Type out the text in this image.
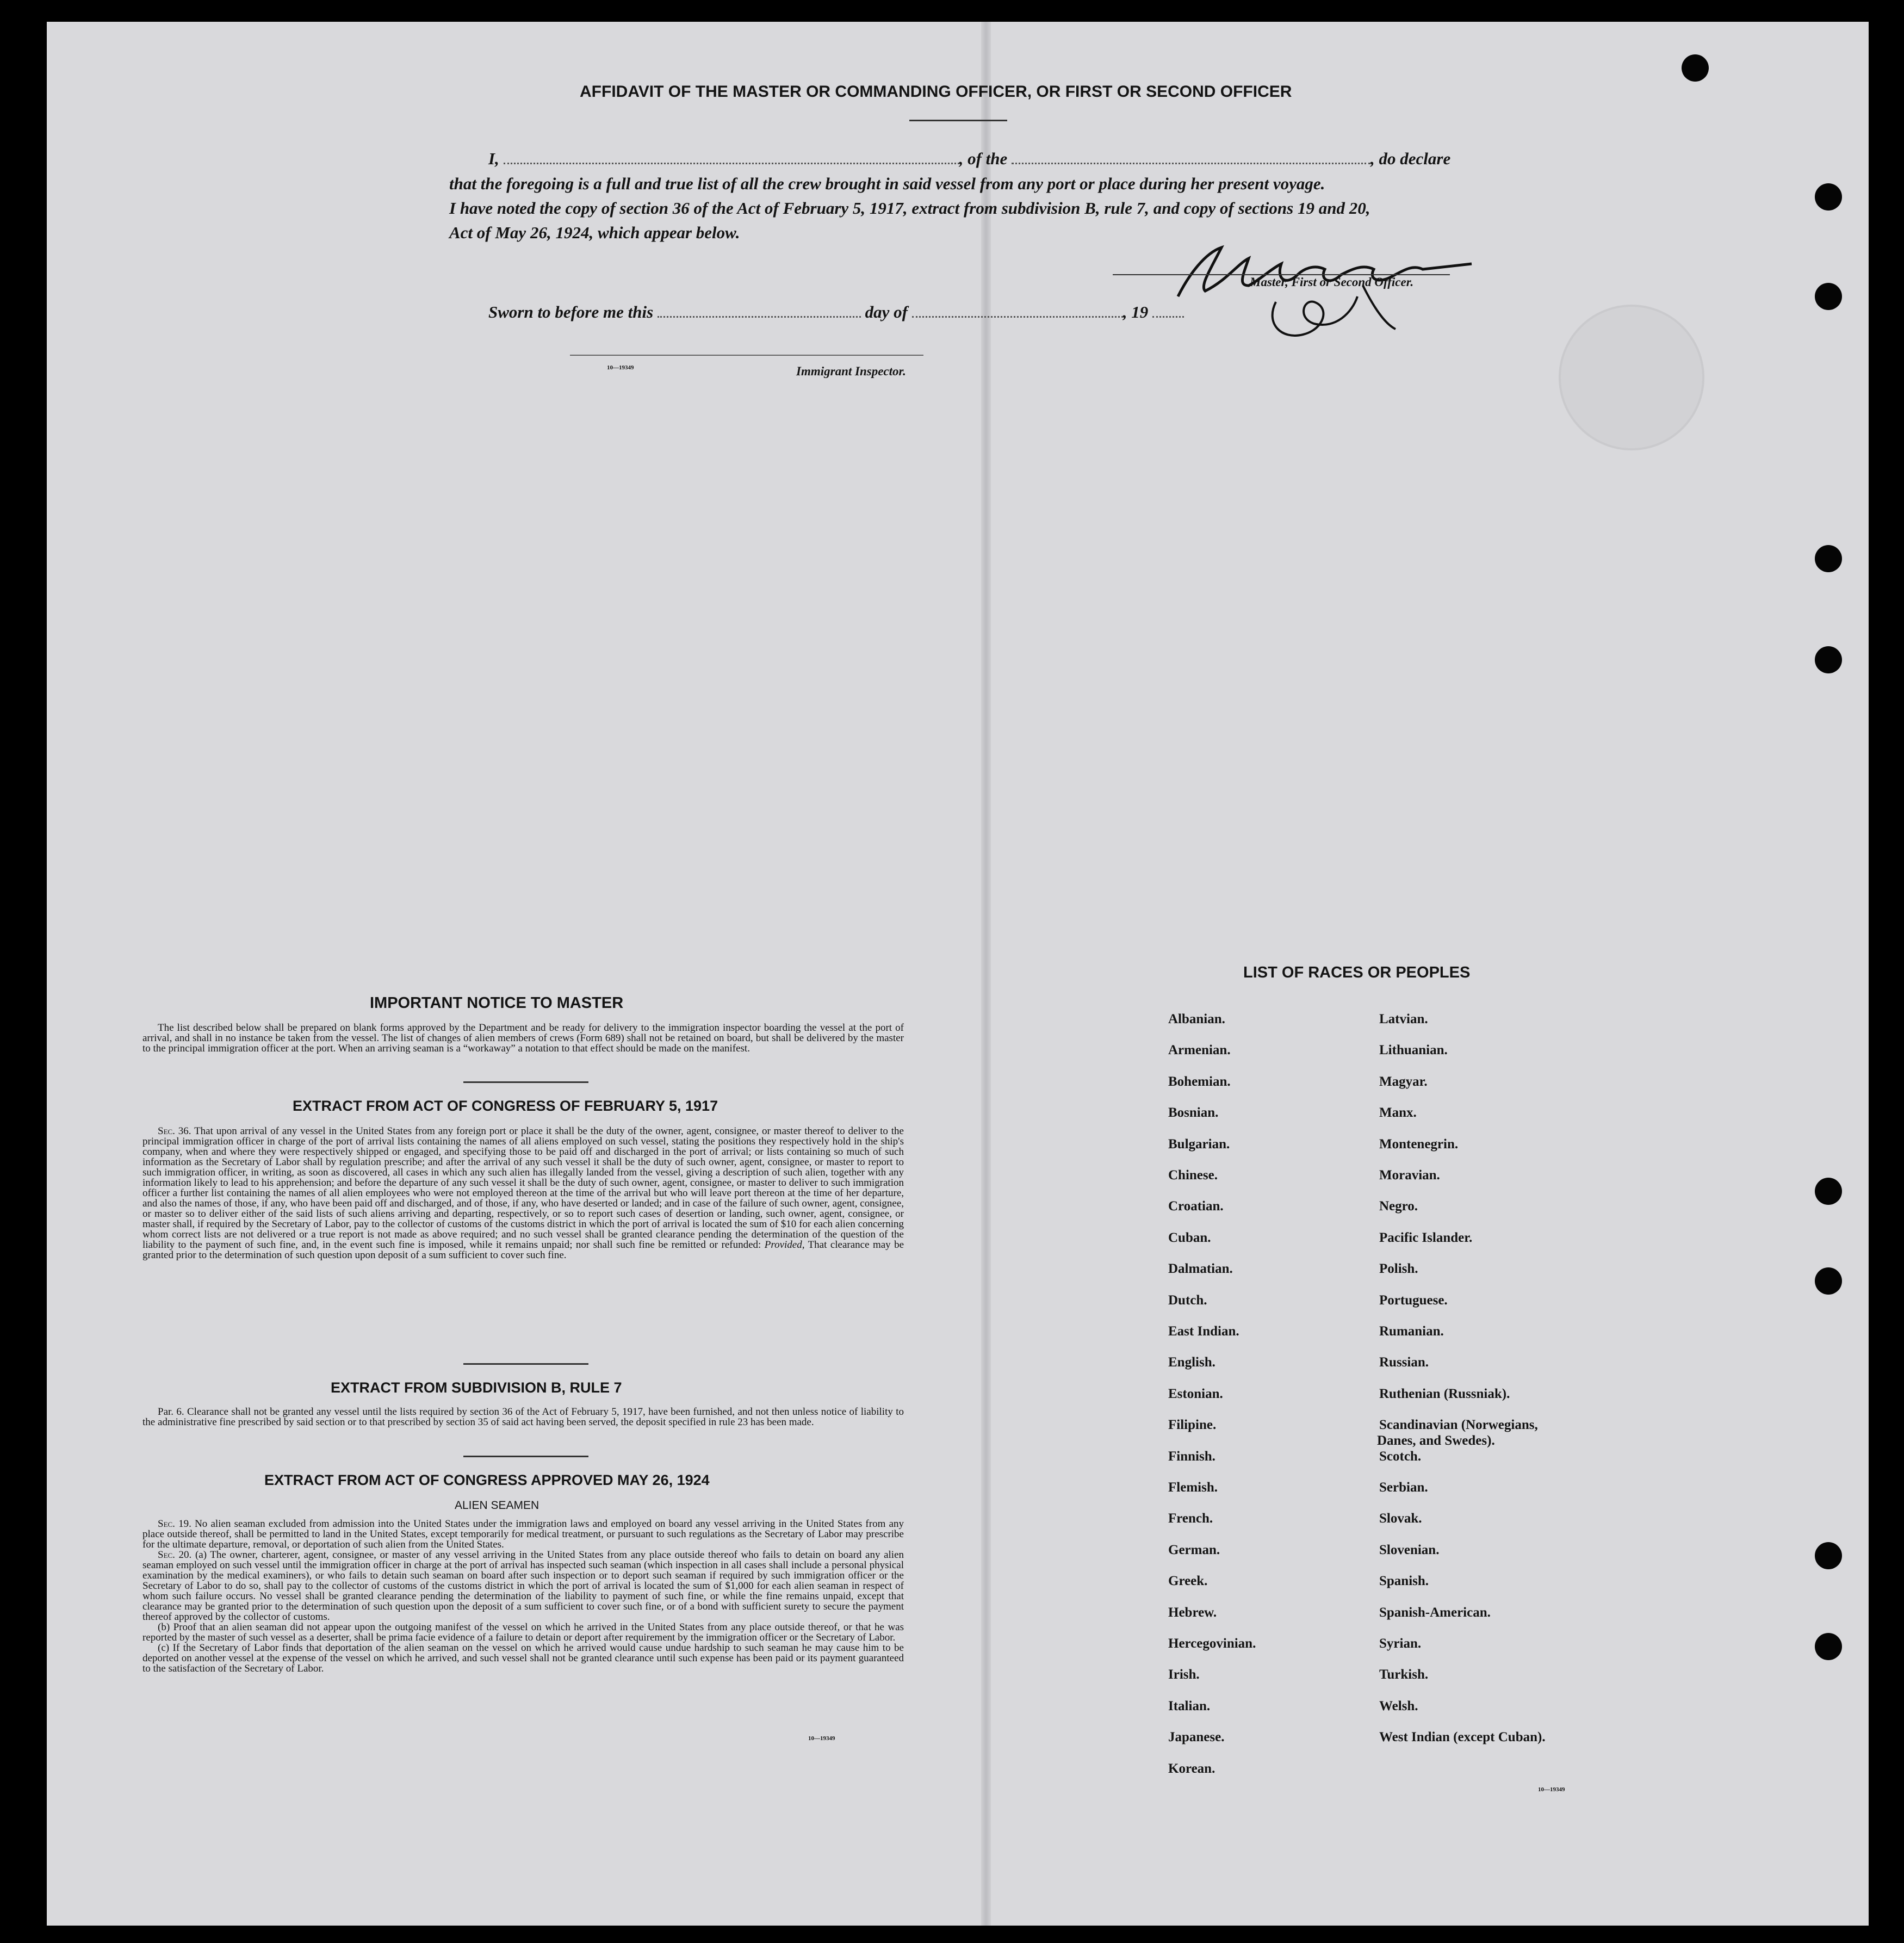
AFFIDAVIT OF THE MASTER OR COMMANDING OFFICER, OR FIRST OR SECOND OFFICER
I,	, of the	, do declare
that the foregoing is a full and true list of all the crew brought in said vessel from any port or place during her present voyage.
I have noted the copy of section 36 of the Act of February 5, 1917, extract from subdivision B, rule 7, and copy of sections 19 and 20,
Act of May 26, 1924, which appear below.
Master, First or Second Officer.
Sworn to before me this	day of	, 19
10—19349	Immigrant Inspector.
IMPORTANT NOTICE TO MASTER

The list described below shall be prepared on blank forms approved by the Department and be ready for delivery to the immigration inspector boarding the vessel at the port of arrival, and shall in no instance be taken from the vessel. The list of changes of alien members of crews (Form 689) shall not be retained on board, but shall be delivered by the master to the principal immigration officer at the port. When an arriving seaman is a “workaway” a notation to that effect should be made on the manifest.

EXTRACT FROM ACT OF CONGRESS OF FEBRUARY 5, 1917

Sec. 36. That upon arrival of any vessel in the United States from any foreign port or place it shall be the duty of the owner, agent, consignee, or master thereof to deliver to the principal immigration officer in charge of the port of arrival lists containing the names of all aliens employed on such vessel, stating the positions they respectively hold in the ship's company, when and where they were respectively shipped or engaged, and specifying those to be paid off and discharged in the port of arrival; or lists containing so much of such information as the Secretary of Labor shall by regulation prescribe; and after the arrival of any such vessel it shall be the duty of such owner, agent, consignee, or master to report to such immigration officer, in writing, as soon as discovered, all cases in which any such alien has illegally landed from the vessel, giving a description of such alien, together with any information likely to lead to his apprehension; and before the departure of any such vessel it shall be the duty of such owner, agent, consignee, or master to deliver to such immigration officer a further list containing the names of all alien employees who were not employed thereon at the time of the arrival but who will leave port thereon at the time of her departure, and also the names of those, if any, who have been paid off and discharged, and of those, if any, who have deserted or landed; and in case of the failure of such owner, agent, consignee, or master so to deliver either of the said lists of such aliens arriving and departing, respectively, or so to report such cases of desertion or landing, such owner, agent, consignee, or master shall, if required by the Secretary of Labor, pay to the collector of customs of the customs district in which the port of arrival is located the sum of $10 for each alien concerning whom correct lists are not delivered or a true report is not made as above required; and no such vessel shall be granted clearance pending the determination of the question of the liability to the payment of such fine, and, in the event such fine is imposed, while it remains unpaid; nor shall such fine be remitted or refunded: Provided, That clearance may be granted prior to the determination of such question upon deposit of a sum sufficient to cover such fine.

EXTRACT FROM SUBDIVISION B, RULE 7

Par. 6. Clearance shall not be granted any vessel until the lists required by section 36 of the Act of February 5, 1917, have been furnished, and not then unless notice of liability to the administrative fine prescribed by said section or to that prescribed by section 35 of said act having been served, the deposit specified in rule 23 has been made.

EXTRACT FROM ACT OF CONGRESS APPROVED MAY 26, 1924
ALIEN SEAMEN

Sec. 19. No alien seaman excluded from admission into the United States under the immigration laws and employed on board any vessel arriving in the United States from any place outside thereof, shall be permitted to land in the United States, except temporarily for medical treatment, or pursuant to such regulations as the Secretary of Labor may prescribe for the ultimate departure, removal, or deportation of such alien from the United States.

Sec. 20. (a) The owner, charterer, agent, consignee, or master of any vessel arriving in the United States from any place outside thereof who fails to detain on board any alien seaman employed on such vessel until the immigration officer in charge at the port of arrival has inspected such seaman (which inspection in all cases shall include a personal physical examination by the medical examiners), or who fails to detain such seaman on board after such inspection or to deport such seaman if required by such immigration officer or the Secretary of Labor to do so, shall pay to the collector of customs of the customs district in which the port of arrival is located the sum of $1,000 for each alien seaman in respect of whom such failure occurs. No vessel shall be granted clearance pending the determination of the liability to payment of such fine, or while the fine remains unpaid, except that clearance may be granted prior to the determination of such question upon the deposit of a sum sufficient to cover such fine, or of a bond with sufficient surety to secure the payment thereof approved by the collector of customs.

(b) Proof that an alien seaman did not appear upon the outgoing manifest of the vessel on which he arrived in the United States from any place outside thereof, or that he was reported by the master of such vessel as a deserter, shall be prima facie evidence of a failure to detain or deport after requirement by the immigration officer or the Secretary of Labor.

(c) If the Secretary of Labor finds that deportation of the alien seaman on the vessel on which he arrived would cause undue hardship to such seaman he may cause him to be deported on another vessel at the expense of the vessel on which he arrived, and such vessel shall not be granted clearance until such expense has been paid or its payment guaranteed to the satisfaction of the Secretary of Labor.

10—19349
LIST OF RACES OR PEOPLES
Albanian.
Armenian.
Bohemian.
Bosnian.
Bulgarian.
Chinese.
Croatian.
Cuban.
Dalmatian.
Dutch.
East Indian.
English.
Estonian.
Filipine.
Finnish.
Flemish.
French.
German.
Greek.
Hebrew.
Hercegovinian.
Irish.
Italian.
Japanese.
Korean.
Latvian.
Lithuanian.
Magyar.
Manx.
Montenegrin.
Moravian.
Negro.
Pacific Islander.
Polish.
Portuguese.
Rumanian.
Russian.
Ruthenian (Russniak).
Scandinavian (Norwegians,
Danes, and Swedes).
Scotch.
Serbian.
Slovak.
Slovenian.
Spanish.
Spanish-American.
Syrian.
Turkish.
Welsh.
West Indian (except Cuban).
10—19349
